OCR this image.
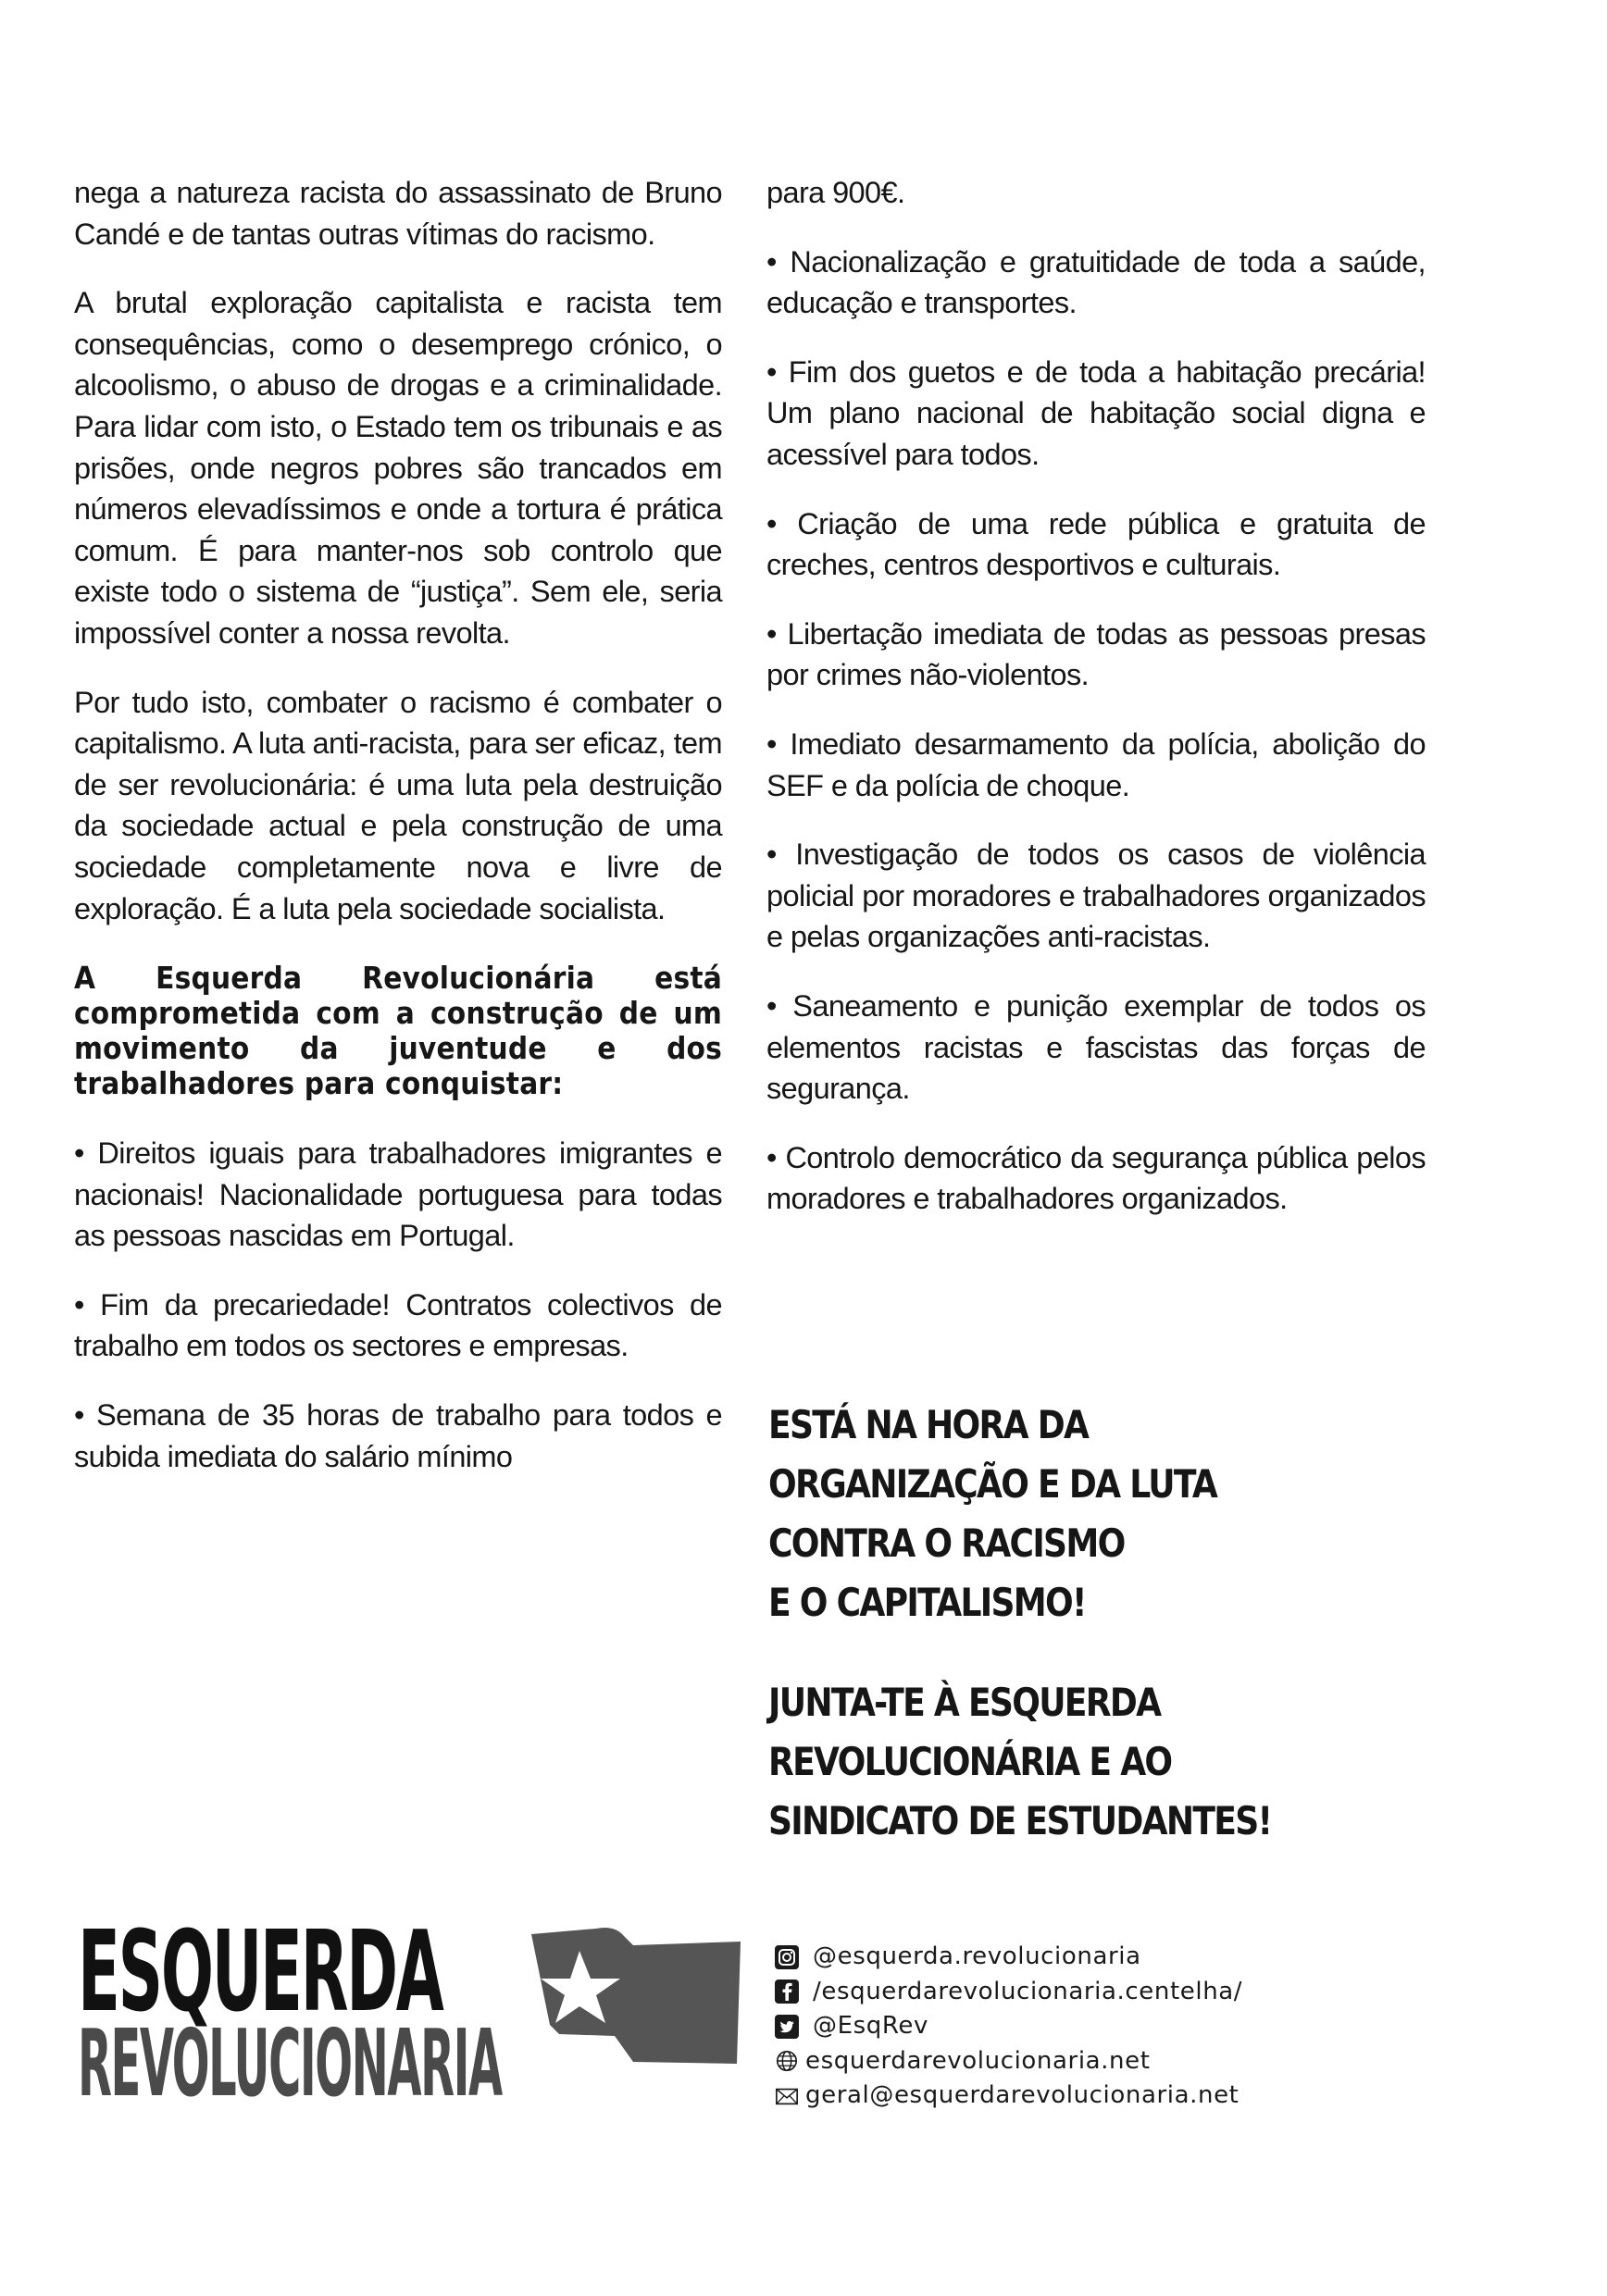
nega a natureza racista do assassinato de Bruno Candé e de tantas outras vítimas do racismo.

A brutal exploração capitalista e racista tem consequências, como o desemprego crónico, o alcoolismo, o abuso de drogas e a criminalidade. Para lidar com isto, o Estado tem os tribunais e as prisões, onde negros pobres são trancados em números elevadíssimos e onde a tortura é prática comum. É para manter-nos sob controlo que existe todo o sistema de “justiça”. Sem ele, seria impossível conter a nossa revolta.

Por tudo isto, combater o racismo é combater o capitalismo. A luta anti-racista, para ser eficaz, tem de ser revolucionária: é uma luta pela destruição da sociedade actual e pela construção de uma sociedade completamente nova e livre de exploração. É a luta pela sociedade socialista.

A Esquerda Revolucionária está comprometida com a construção de um movimento da juventude e dos trabalhadores para conquistar:

• Direitos iguais para trabalhadores imigrantes e nacionais! Nacionalidade portuguesa para todas as pessoas nascidas em Portugal.

• Fim da precariedade! Contratos colectivos de trabalho em todos os sectores e empresas.

• Semana de 35 horas de trabalho para todos e subida imediata do salário mínimo

para 900€.

• Nacionalização e gratuitidade de toda a saúde, educação e transportes.

• Fim dos guetos e de toda a habitação precária! Um plano nacional de habitação social digna e acessível para todos.

• Criação de uma rede pública e gratuita de creches, centros desportivos e culturais.

• Libertação imediata de todas as pessoas presas por crimes não-violentos.

• Imediato desarmamento da polícia, abolição do SEF e da polícia de choque.

• Investigação de todos os casos de violência policial por moradores e trabalhadores organizados e pelas organizações anti-racistas.

• Saneamento e punição exemplar de todos os elementos racistas e fascistas das forças de segurança.

• Controlo democrático da segurança pública pelos moradores e trabalhadores organizados.

ESTÁ NA HORA DA
ORGANIZAÇÃO E DA LUTA
CONTRA O RACISMO
E O CAPITALISMO!
JUNTA-TE À ESQUERDA
REVOLUCIONÁRIA E AO
SINDICATO DE ESTUDANTES!
ESQUERDA
REVOLUCIONARIA
@esquerda.revolucionaria
/esquerdarevolucionaria.centelha/
@EsqRev
esquerdarevolucionaria.net
geral@esquerdarevolucionaria.net
